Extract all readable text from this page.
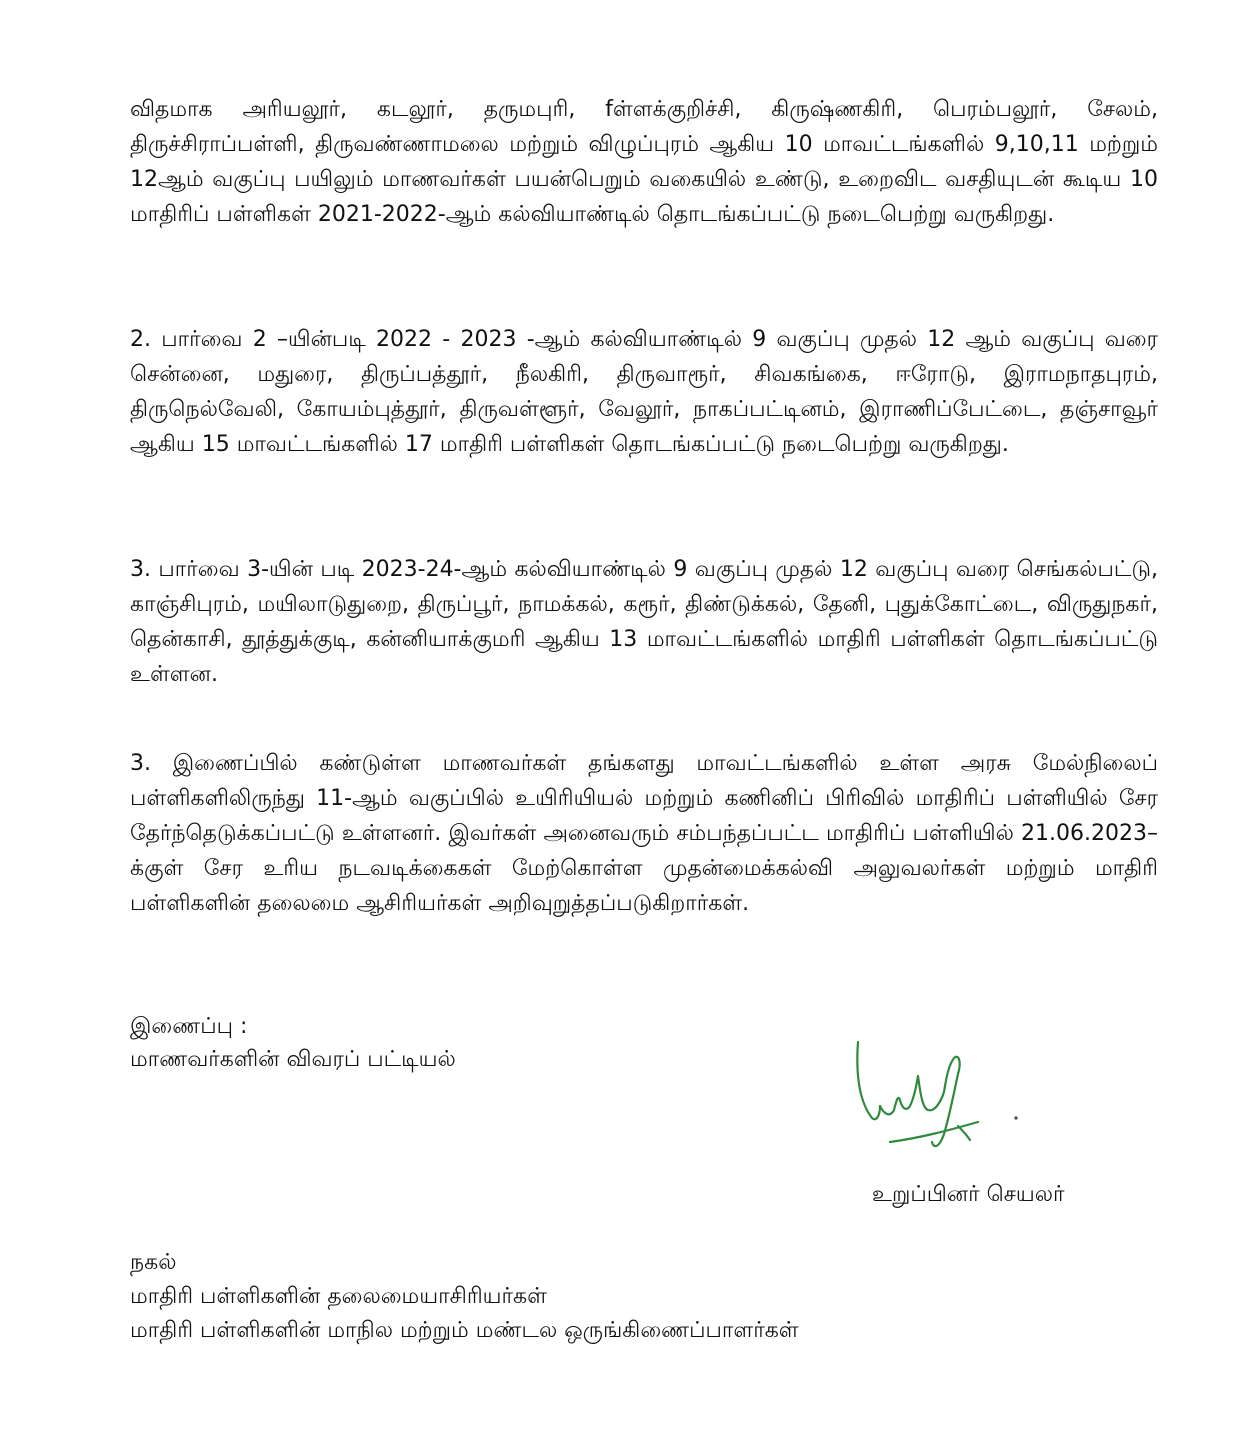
விதமாக அரியலூர், கடலூர், தருமபுரி, fள்ளக்குறிச்சி, கிருஷ்ணகிரி, பெரம்பலூர், சேலம், திருச்சிராப்பள்ளி, திருவண்ணாமலை மற்றும் விழுப்புரம் ஆகிய 10 மாவட்டங்களில் 9,10,11 மற்றும் 12ஆம் வகுப்பு பயிலும் மாணவர்கள் பயன்பெறும் வகையில் உண்டு, உறைவிட வசதியுடன் கூடிய 10 மாதிரிப் பள்ளிகள் 2021-2022-ஆம் கல்வியாண்டில் தொடங்கப்பட்டு நடைபெற்று வருகிறது.

2. பார்வை 2 –யின்படி 2022 - 2023 -ஆம் கல்வியாண்டில் 9 வகுப்பு முதல் 12 ஆம் வகுப்பு வரை சென்னை, மதுரை, திருப்பத்தூர், நீலகிரி, திருவாரூர், சிவகங்கை, ஈரோடு, இராமநாதபுரம், திருநெல்வேலி, கோயம்புத்தூர், திருவள்ளூர், வேலூர், நாகப்பட்டினம், இராணிப்பேட்டை, தஞ்சாவூர் ஆகிய 15 மாவட்டங்களில் 17 மாதிரி பள்ளிகள் தொடங்கப்பட்டு நடைபெற்று வருகிறது.

3. பார்வை 3-யின் படி 2023-24-ஆம் கல்வியாண்டில் 9 வகுப்பு முதல் 12 வகுப்பு வரை செங்கல்பட்டு, காஞ்சிபுரம், மயிலாடுதுறை, திருப்பூர், நாமக்கல், கரூர், திண்டுக்கல், தேனி, புதுக்கோட்டை, விருதுநகர், தென்காசி, தூத்துக்குடி, கன்னியாக்குமரி ஆகிய 13 மாவட்டங்களில் மாதிரி பள்ளிகள் தொடங்கப்பட்டு உள்ளன.

3. இணைப்பில் கண்டுள்ள மாணவர்கள் தங்களது மாவட்டங்களில் உள்ள அரசு மேல்நிலைப் பள்ளிகளிலிருந்து 11-ஆம் வகுப்பில் உயிரியியல் மற்றும் கணினிப் பிரிவில் மாதிரிப் பள்ளியில் சேர தேர்ந்தெடுக்கப்பட்டு உள்ளனர். இவர்கள் அனைவரும் சம்பந்தப்பட்ட மாதிரிப் பள்ளியில் 21.06.2023–க்குள் சேர உரிய நடவடிக்கைகள் மேற்கொள்ள முதன்மைக்கல்வி அலுவலர்கள் மற்றும் மாதிரி பள்ளிகளின் தலைமை ஆசிரியர்கள் அறிவுறுத்தப்படுகிறார்கள்.

இணைப்பு :
மாணவர்களின் விவரப் பட்டியல்
உறுப்பினர் செயலர்
நகல்
மாதிரி பள்ளிகளின் தலைமையாசிரியர்கள்
மாதிரி பள்ளிகளின் மாநில மற்றும் மண்டல ஒருங்கிணைப்பாளர்கள்
